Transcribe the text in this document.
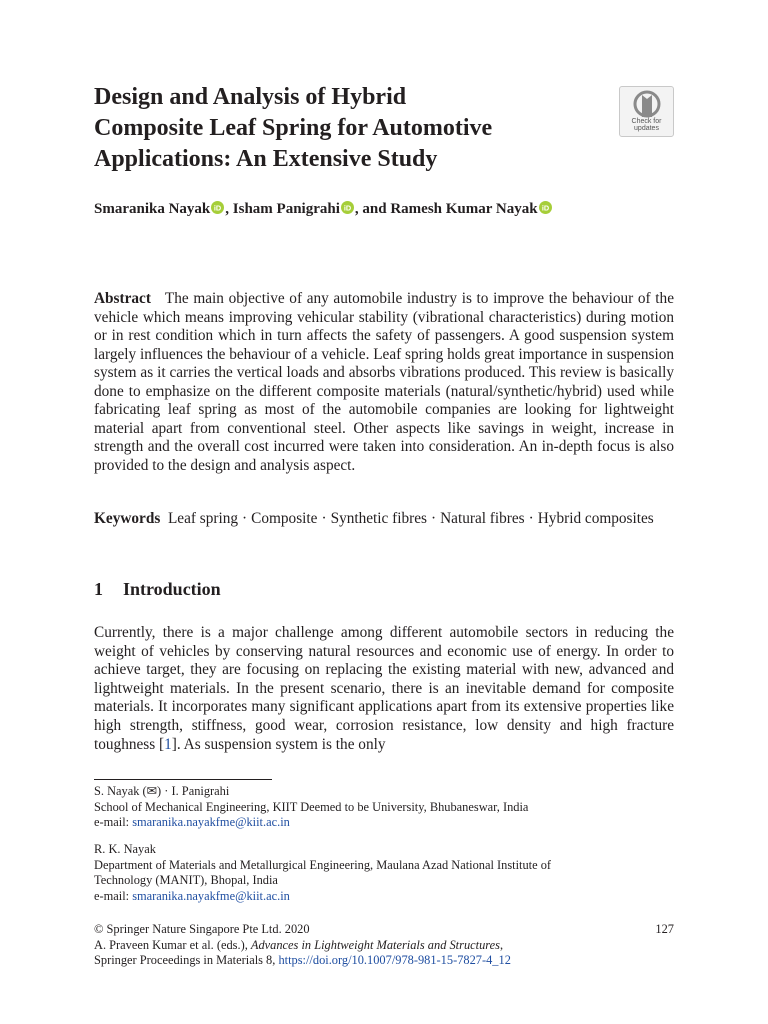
Design and Analysis of Hybrid
Composite Leaf Spring for Automotive
Applications: An Extensive Study
Check for
updates
Smaranika Nayak iD , Isham Panigrahi iD , and Ramesh Kumar Nayak iD

Abstract The main objective of any automobile industry is to improve the behaviour of the vehicle which means improving vehicular stability (vibrational characteristics) during motion or in rest condition which in turn affects the safety of passengers. A good suspension system largely influences the behaviour of a vehicle. Leaf spring holds great importance in suspension system as it carries the vertical loads and absorbs vibrations produced. This review is basically done to emphasize on the different composite materials (natural/synthetic/hybrid) used while fabricating leaf spring as most of the automobile companies are looking for lightweight material apart from conventional steel. Other aspects like savings in weight, increase in strength and the overall cost incurred were taken into consideration. An in-depth focus is also provided to the design and analysis aspect.

Keywords Leaf spring · Composite · Synthetic fibres · Natural fibres · Hybrid composites

1 Introduction

Currently, there is a major challenge among different automobile sectors in reducing the weight of vehicles by conserving natural resources and economic use of energy. In order to achieve target, they are focusing on replacing the existing material with new, advanced and lightweight materials. In the present scenario, there is an inevitable demand for composite materials. It incorporates many significant applications apart from its extensive properties like high strength, stiffness, good wear, corrosion resistance, low density and high fracture toughness [1]. As suspension system is the only

S. Nayak (✉) · I. Panigrahi
School of Mechanical Engineering, KIIT Deemed to be University, Bhubaneswar, India
e-mail: smaranika.nayakfme@kiit.ac.in
R. K. Nayak
Department of Materials and Metallurgical Engineering, Maulana Azad National Institute of
Technology (MANIT), Bhopal, India
e-mail: smaranika.nayakfme@kiit.ac.in
© Springer Nature Singapore Pte Ltd. 2020
A. Praveen Kumar et al. (eds.), Advances in Lightweight Materials and Structures,
Springer Proceedings in Materials 8, https://doi.org/10.1007/978-981-15-7827-4_12
127
